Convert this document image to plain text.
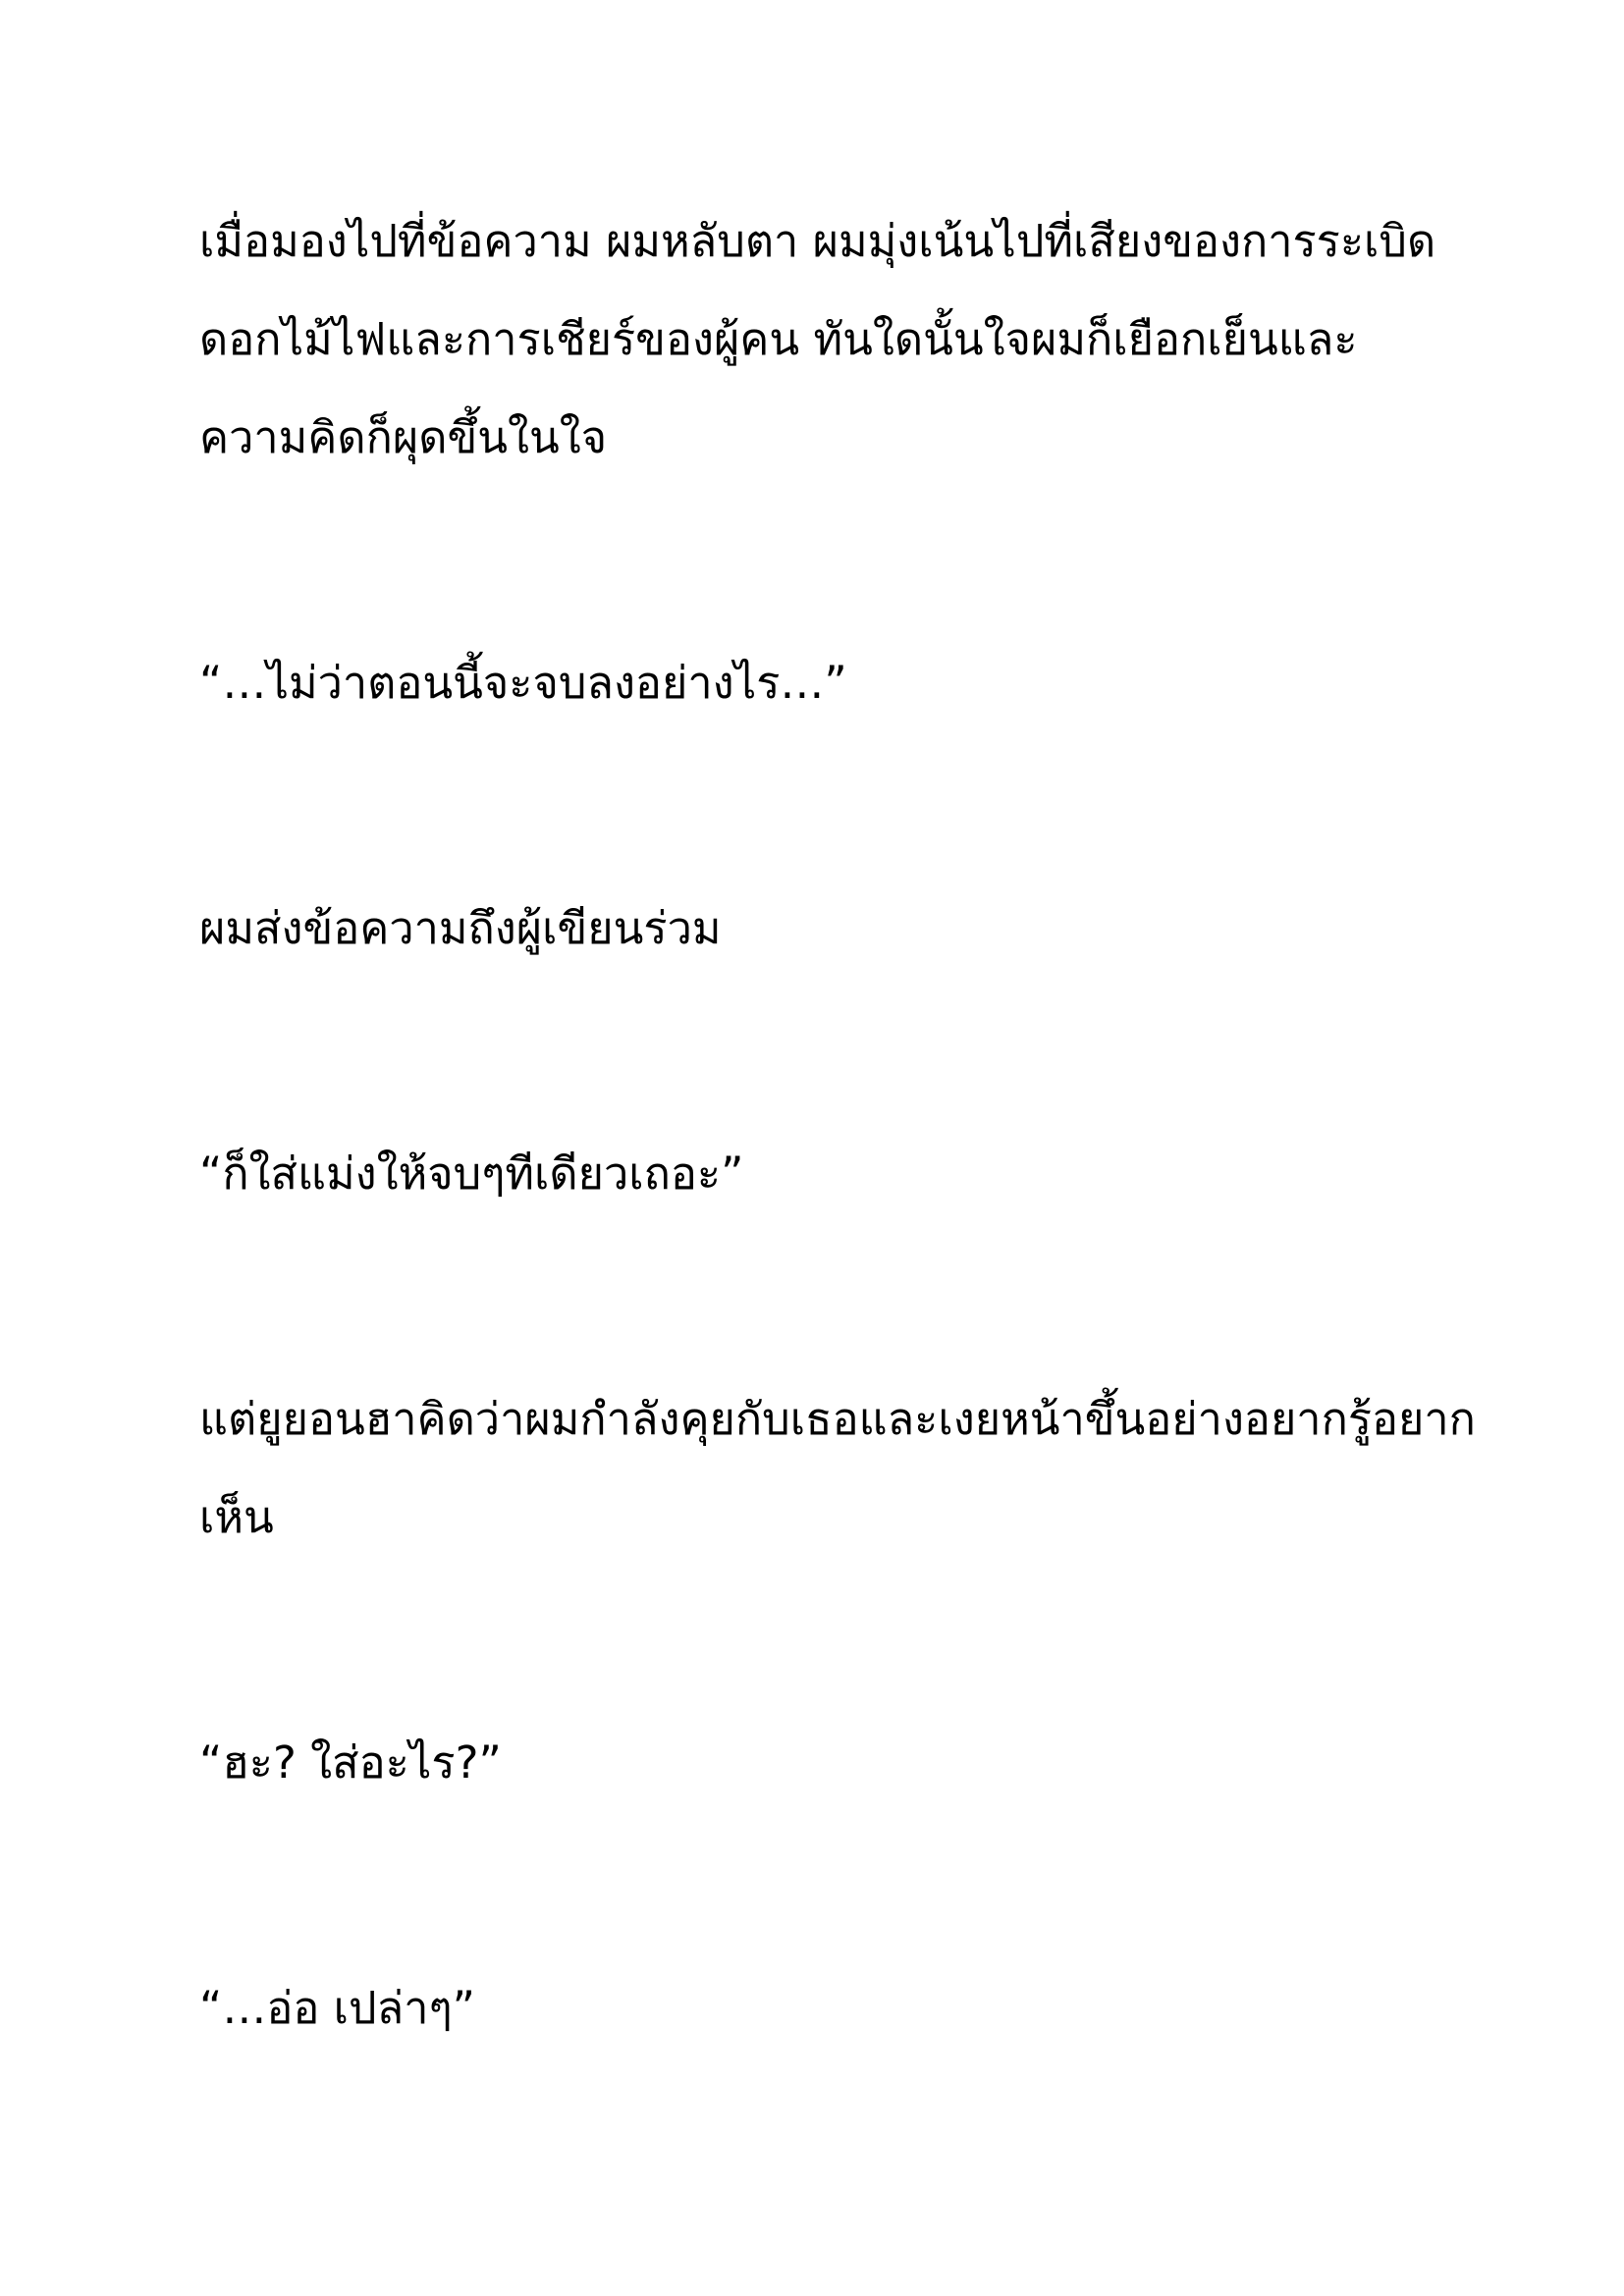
เมื่อมองไปที่ข้อความ ผมหลับตา ผมมุ่งเน้นไปที่เสียงของการระเบิด
ดอกไม้ไฟและการเชียร์ของผู้คน ทันใดนั้นใจผมก็เยือกเย็นและ
ความคิดก็ผุดขึ้นในใจ

“…ไม่ว่าตอนนี้จะจบลงอย่างไร…”

ผมส่งข้อความถึงผู้เขียนร่วม

“ก็ใส่แม่งให้จบๆทีเดียวเถอะ”

แต่ยูยอนฮาคิดว่าผมกำลังคุยกับเธอและเงยหน้าขึ้นอย่างอยากรู้อยาก
เห็น

“ฮะ? ใส่อะไร?”

“…อ่อ เปล่าๆ”
